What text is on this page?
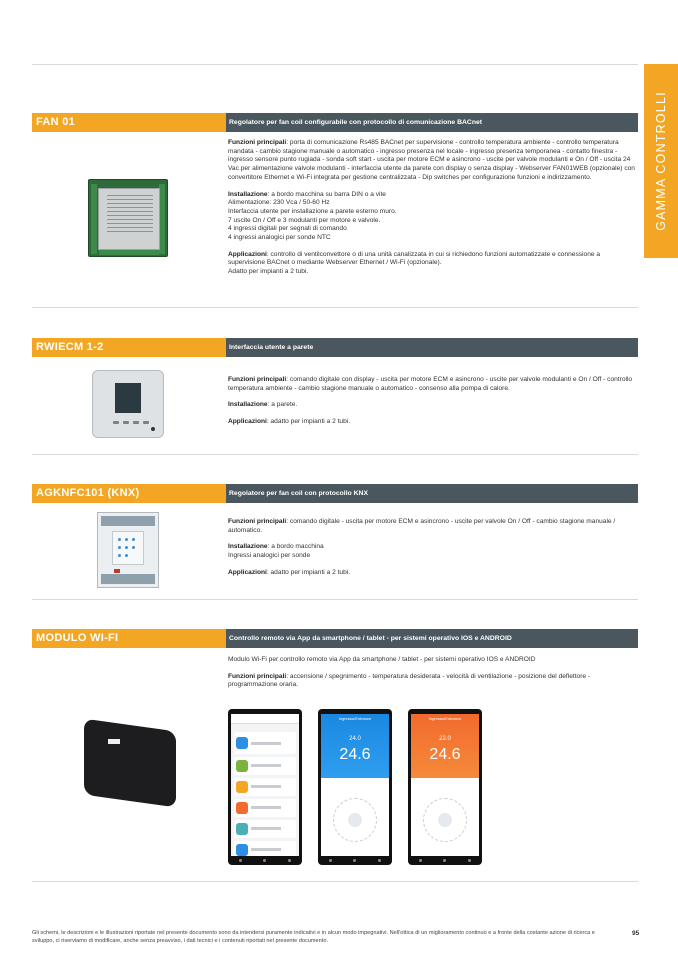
GAMMA CONTROLLI
FAN 01	Regolatore per fan coil configurabile con protocollo di comunicazione BACnet

Funzioni principali: porta di comunicazione Rs485 BACnet per supervisione - controllo temperatura ambiente - controllo temperatura mandata - cambio stagione manuale o automatico - ingresso presenza nel locale - ingresso presenza temporanea - contatto finestra - ingresso sensore punto rugiada - sonda soft start - uscita per motore ECM e asincrono - uscite per valvole modulanti e On / Off - uscita 24 Vac per alimentazione valvole modulanti - interfaccia utente da parete con display o senza display - Webserver FAN01WEB (opzionale) con convertitore Ethernet e Wi-Fi integrata per gestione centralizzata - Dip switches per configurazione funzioni e indirizzamento.

Installazione: a bordo macchina su barra DIN o a vite
Alimentazione: 230 Vca / 50-60 Hz
Interfaccia utente per installazione a parete esterno muro.
7 uscite On / Off e 3 modulanti per motore e valvole.
4 ingressi digitali per segnali di comando
4 ingressi analogici per sonde NTC

Applicazioni: controllo di ventilconvettore o di una unità canalizzata in cui si richiedono funzioni automatizzate e connessione a supervisione BACnet o mediante Webserver Ethernet / Wi-Fi (opzionale).
Adatto per impianti a 2 tubi.

RWIECM 1-2	Interfaccia utente a parete

Funzioni principali: comando digitale con display - uscita per motore ECM e asincrono - uscite per valvole modulanti e On / Off - controllo temperatura ambiente - cambio stagione manuale o automatico - consenso alla pompa di calore.

Installazione: a parete.

Applicazioni: adatto per impianti a 2 tubi.

AGKNFC101 (KNX)	Regolatore per fan coil con protocollo KNX

Funzioni principali: comando digitale - uscita per motore ECM e asincrono - uscite per valvole On / Off - cambio stagione manuale / automatico.

Installazione: a bordo macchina
Ingressi analogici per sonde

Applicazioni: adatto per impianti a 2 tubi.

MODULO WI-FI	Controllo remoto via App da smartphone / tablet - per sistemi operativo IOS e ANDROID

Modulo Wi-Fi per controllo remoto via App da smartphone / tablet - per sistemi operativo IOS e ANDROID

Funzioni principali: accensione / spegnimento - temperatura desiderata - velocità di ventilazione - posizione del deflettore - programmazione oraria.

Ingresso/Entrance
24.0
24.6
Ingresso/Entrance
22.0
24.6
Gli schemi, le descrizioni e le illustrazioni riportate nel presente documento sono da intendersi puramente indicativi e in alcun modo impegnativi. Nell'ottica di un miglioramento continuo e a fronte della costante azione di ricerca e sviluppo, ci riserviamo di modificare, anche senza preavviso, i dati tecnici e i contenuti riportati nel presente documento.
95
